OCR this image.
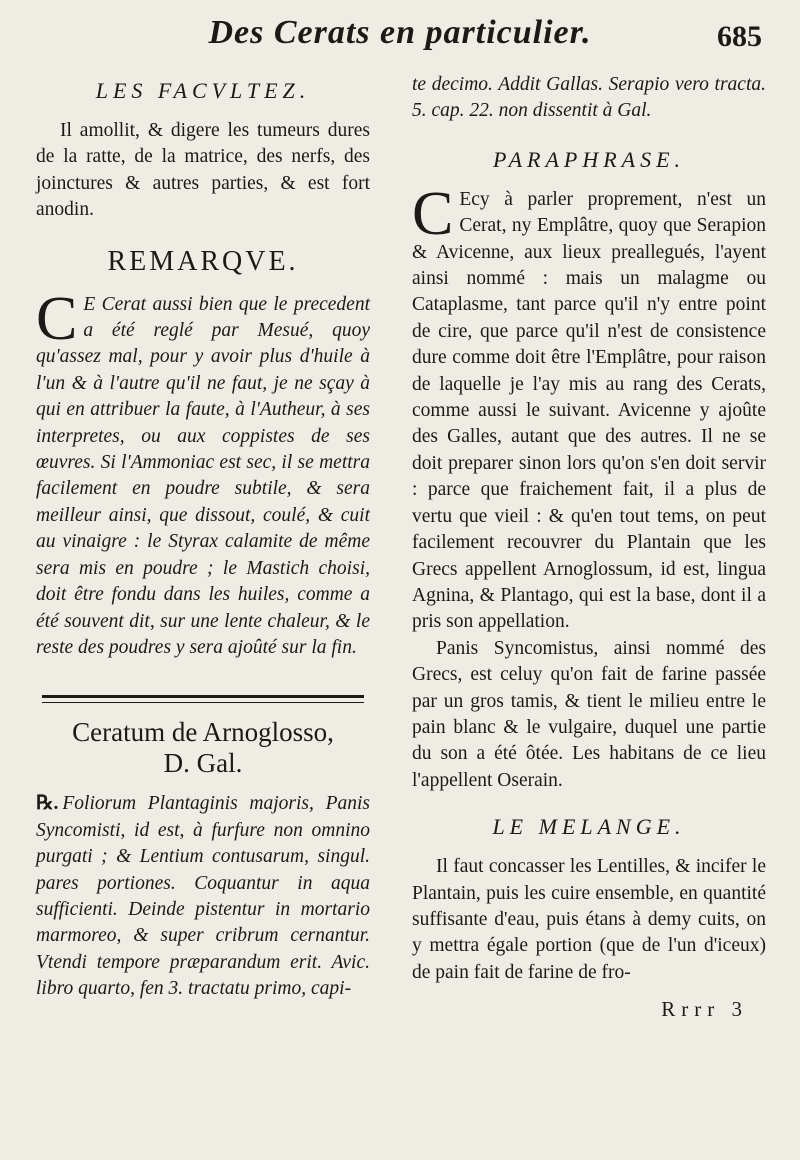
Des Cerats en particulier.	685
LES FACVLTEZ.

Il amollit, & digere les tumeurs dures de la ratte, de la matrice, des nerfs, des joinctures & autres parties, & est fort anodin.

REMARQVE.

C E Cerat aussi bien que le precedent a été reglé par Mesué, quoy qu'assez mal, pour y avoir plus d'huile à l'un & à l'autre qu'il ne faut, je ne sçay à qui en attribuer la faute, à l'Autheur, à ses interpretes, ou aux coppistes de ses œuvres. Si l'Ammoniac est sec, il se mettra facilement en poudre subtile, & sera meilleur ainsi, que dissout, coulé, & cuit au vinaigre : le Styrax calamite de même sera mis en poudre ; le Mastich choisi, doit être fondu dans les huiles, comme a été souvent dit, sur une lente chaleur, & le reste des poudres y sera ajoûté sur la fin.

Ceratum de Arnoglosso,
D. Gal.

℞. Foliorum Plantaginis majoris, Panis Syncomisti, id est, à furfure non omnino purgati ; & Lentium contusarum, singul. pares portiones. Coquantur in aqua sufficienti. Deinde pistentur in mortario marmoreo, & super cribrum cernantur. Vtendi tempore præparandum erit. Avic. libro quarto, fen 3. tractatu primo, capi-

te decimo. Addit Gallas. Serapio vero tracta. 5. cap. 22. non dissentit à Gal.

PARAPHRASE.

C Ecy à parler proprement, n'est un Cerat, ny Emplâtre, quoy que Serapion & Avicenne, aux lieux preallegués, l'ayent ainsi nommé : mais un malagme ou Cataplasme, tant parce qu'il n'y entre point de cire, que parce qu'il n'est de consistence dure comme doit être l'Emplâtre, pour raison de laquelle je l'ay mis au rang des Cerats, comme aussi le suivant. Avicenne y ajoûte des Galles, autant que des autres. Il ne se doit preparer sinon lors qu'on s'en doit servir : parce que fraichement fait, il a plus de vertu que vieil : & qu'en tout tems, on peut facilement recouvrer du Plantain que les Grecs appellent Arnoglossum, id est, lingua Agnina, & Plantago, qui est la base, dont il a pris son appellation.

Panis Syncomistus, ainsi nommé des Grecs, est celuy qu'on fait de farine passée par un gros tamis, & tient le milieu entre le pain blanc & le vulgaire, duquel une partie du son a été ôtée. Les habitans de ce lieu l'appellent Oserain.

LE MELANGE.

Il faut concasser les Lentilles, & incifer le Plantain, puis les cuire ensemble, en quantité suffisante d'eau, puis étans à demy cuits, on y mettra égale portion (que de l'un d'iceux) de pain fait de farine de fro-

Rrrr 3
